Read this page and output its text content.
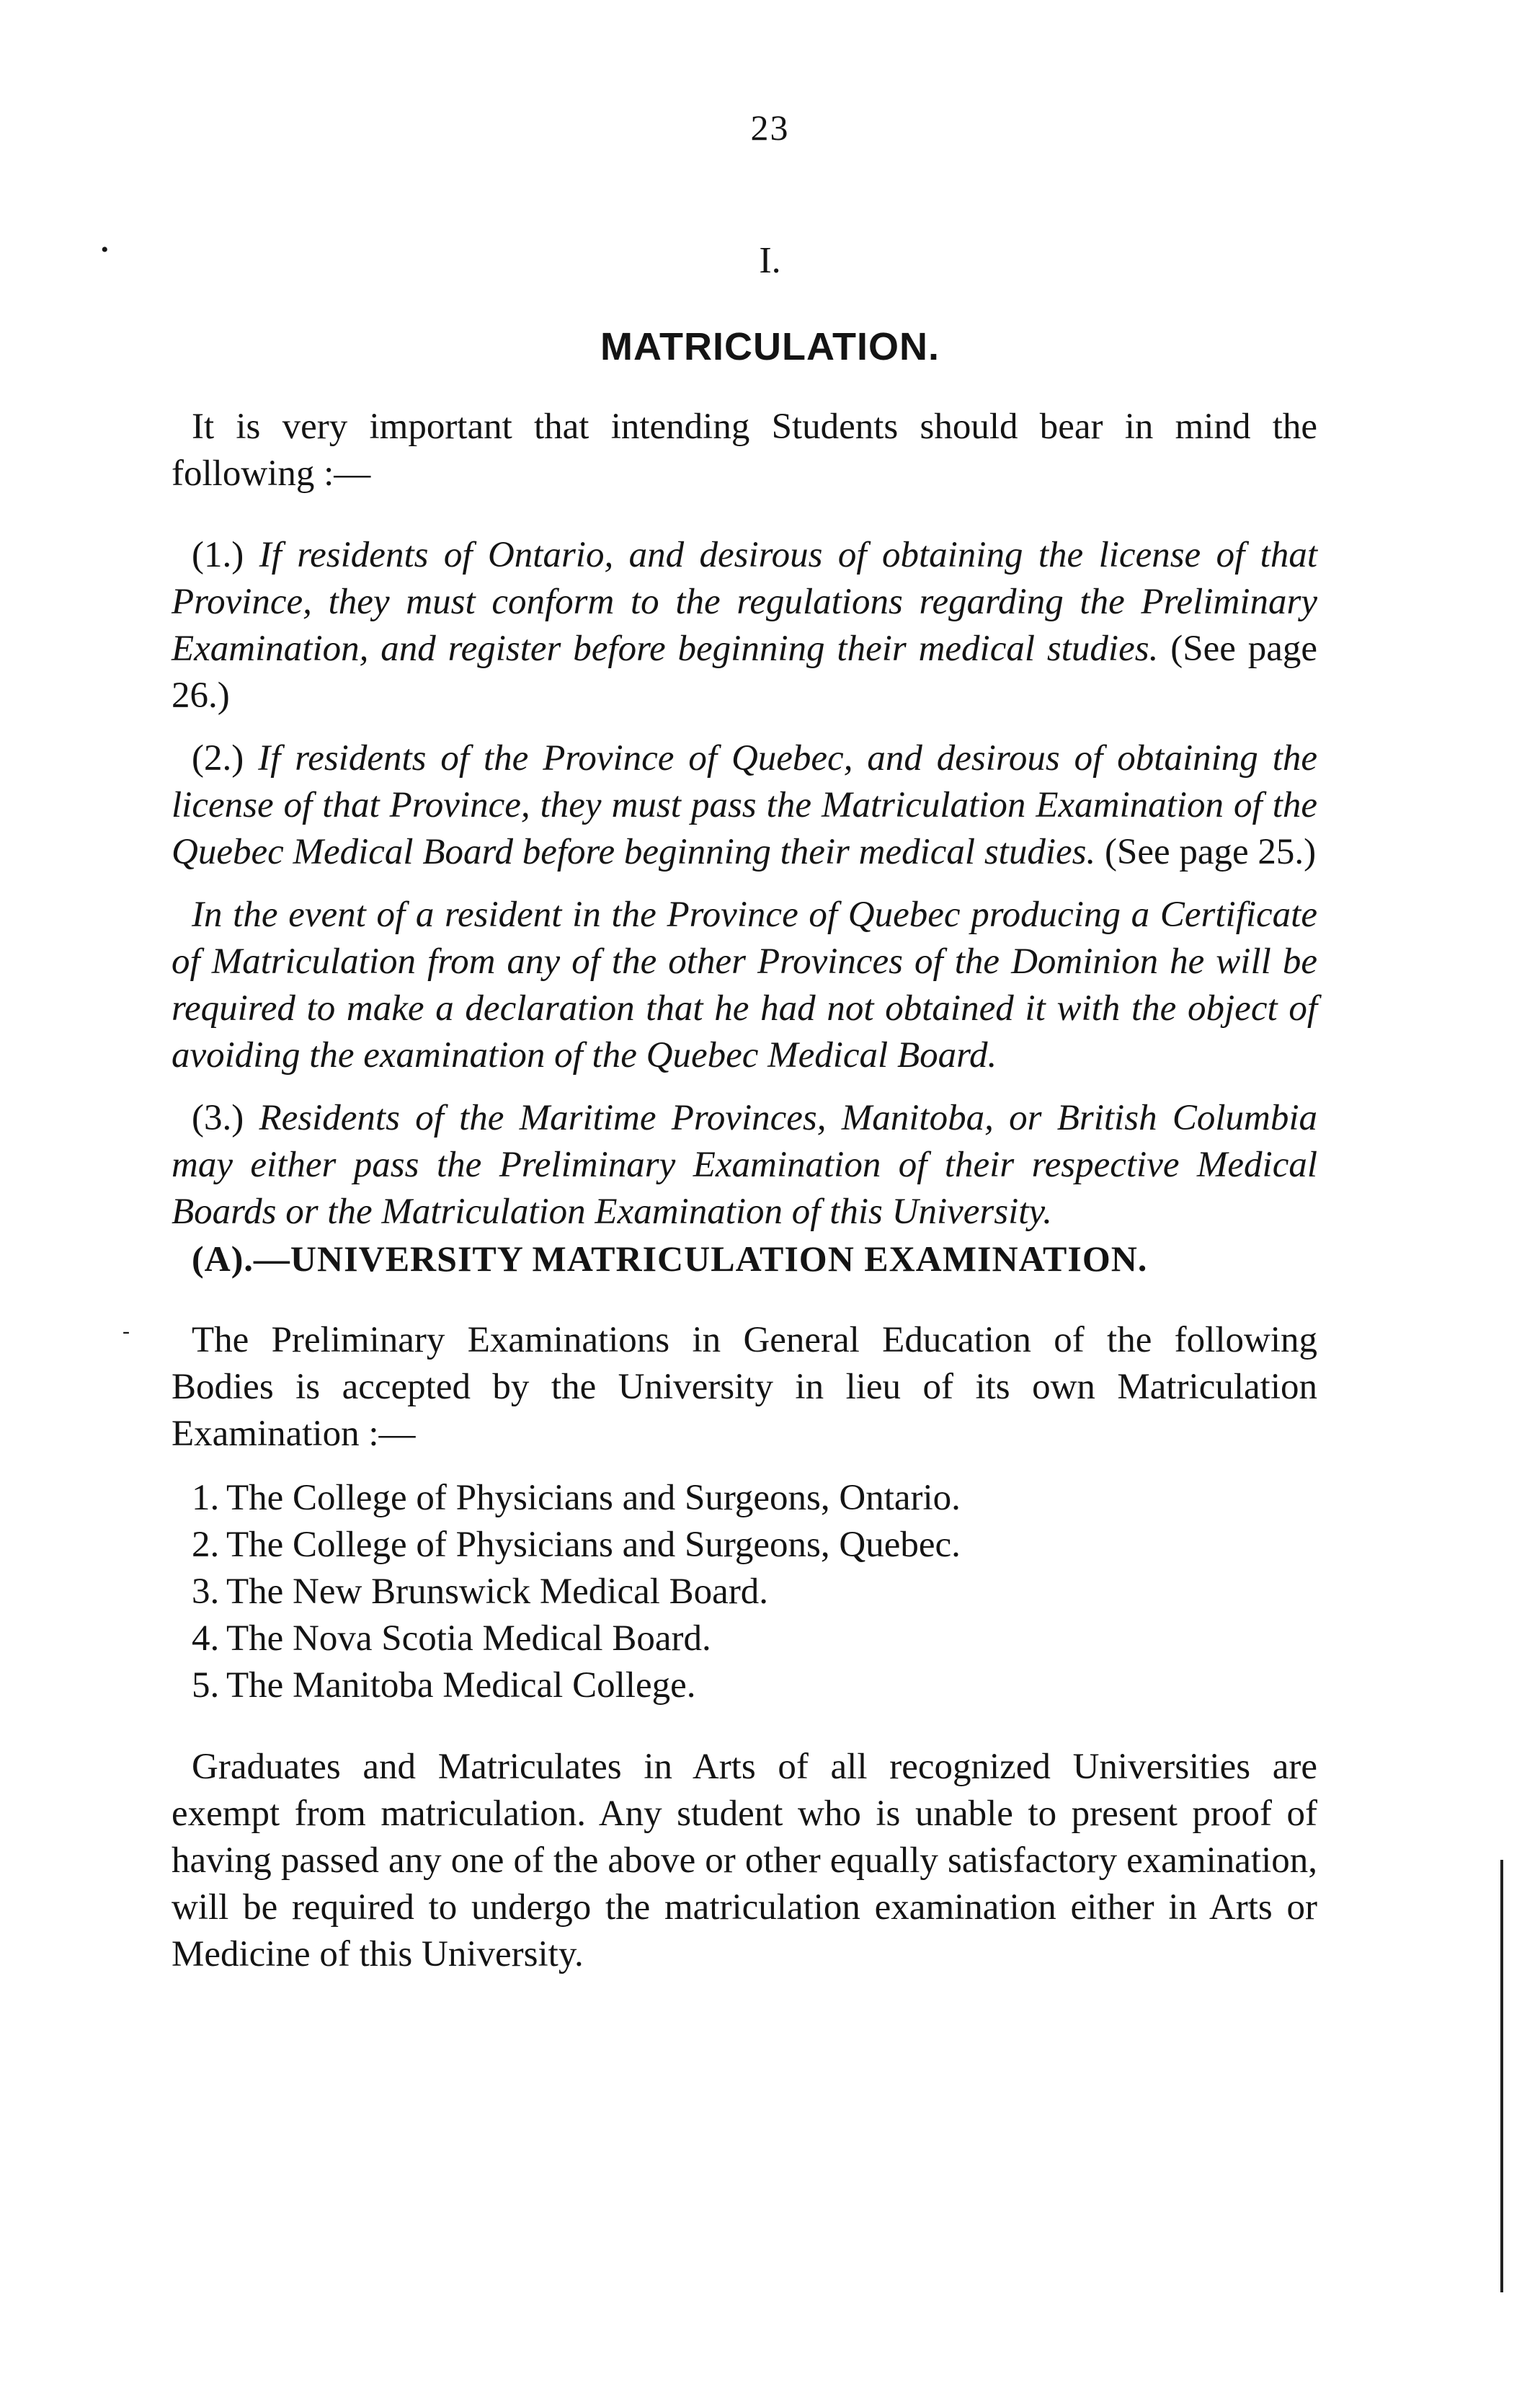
23
•	I.
MATRICULATION.

It is very important that intending Students should bear in mind the following :—

(1.) If residents of Ontario, and desirous of obtaining the license of that Province, they must conform to the regulations regarding the Preliminary Examination, and register before beginning their medical studies. (See page 26.)

(2.) If residents of the Province of Quebec, and desirous of obtaining the license of that Province, they must pass the Matriculation Examination of the Quebec Medical Board before beginning their medical studies. (See page 25.)

In the event of a resident in the Province of Quebec producing a Certificate of Matriculation from any of the other Provinces of the Dominion he will be required to make a declaration that he had not obtained it with the object of avoiding the examination of the Quebec Medical Board.

(3.) Residents of the Maritime Provinces, Manitoba, or British Columbia may either pass the Preliminary Examination of their respective Medical Boards or the Matriculation Examination of this University.

(A).—UNIVERSITY MATRICULATION EXAMINATION.

The Preliminary Examinations in General Education of the following Bodies is accepted by the University in lieu of its own Matriculation Examination :—

1. The College of Physicians and Surgeons, Ontario.
2. The College of Physicians and Surgeons, Quebec.
3. The New Brunswick Medical Board.
4. The Nova Scotia Medical Board.
5. The Manitoba Medical College.

Graduates and Matriculates in Arts of all recognized Universities are exempt from matriculation. Any student who is unable to present proof of having passed any one of the above or other equally satisfactory examination, will be required to undergo the matriculation examination either in Arts or Medicine of this University.

-
